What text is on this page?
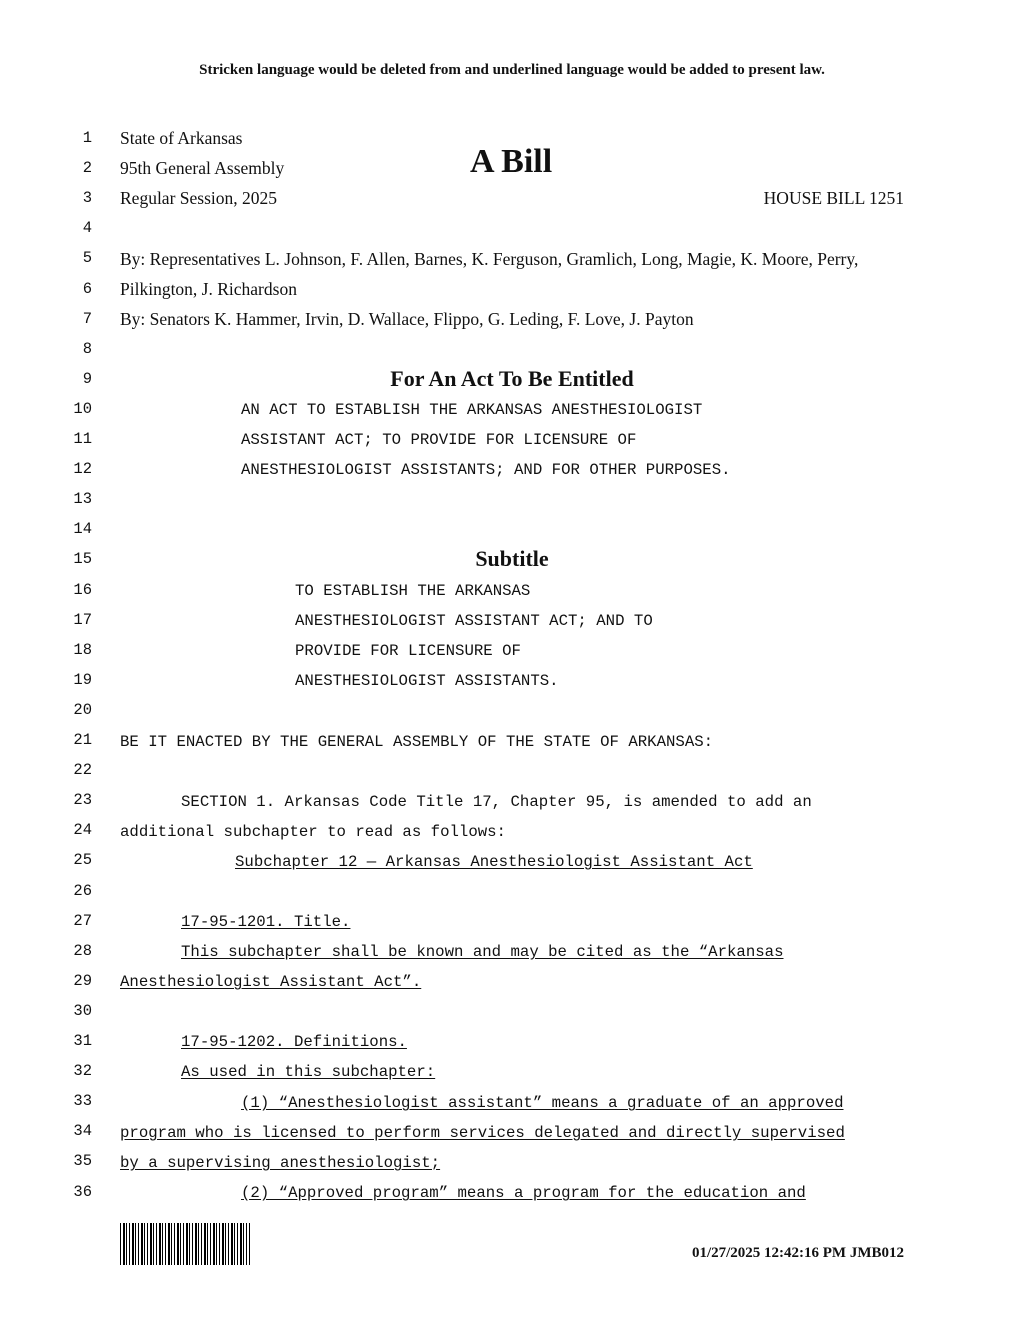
Stricken language would be deleted from and underlined language would be added to present law.
1
2
3
4
5
6
7
8
9
10
11
12
13
14
15
16
17
18
19
20
21
22
23
24
25
26
27
28
29
30
31
32
33
34
35
36
State of Arkansas
95th General Assembly	A Bill
Regular Session, 2025	HOUSE BILL 1251
By: Representatives L. Johnson, F. Allen, Barnes, K. Ferguson, Gramlich, Long, Magie, K. Moore, Perry,
Pilkington, J. Richardson
By: Senators K. Hammer, Irvin, D. Wallace, Flippo, G. Leding, F. Love, J. Payton
For An Act To Be Entitled
AN ACT TO ESTABLISH THE ARKANSAS ANESTHESIOLOGIST
ASSISTANT ACT; TO PROVIDE FOR LICENSURE OF
ANESTHESIOLOGIST ASSISTANTS; AND FOR OTHER PURPOSES.
Subtitle
TO ESTABLISH THE ARKANSAS
ANESTHESIOLOGIST ASSISTANT ACT; AND TO
PROVIDE FOR LICENSURE OF
ANESTHESIOLOGIST ASSISTANTS.
BE IT ENACTED BY THE GENERAL ASSEMBLY OF THE STATE OF ARKANSAS:
SECTION 1. Arkansas Code Title 17, Chapter 95, is amended to add an
additional subchapter to read as follows:
Subchapter 12 — Arkansas Anesthesiologist Assistant Act
17-95-1201. Title.
This subchapter shall be known and may be cited as the “Arkansas
Anesthesiologist Assistant Act”.
17-95-1202. Definitions.
As used in this subchapter:
(1) “Anesthesiologist assistant” means a graduate of an approved
program who is licensed to perform services delegated and directly supervised
by a supervising anesthesiologist;
(2) “Approved program” means a program for the education and
01/27/2025 12:42:16 PM JMB012
